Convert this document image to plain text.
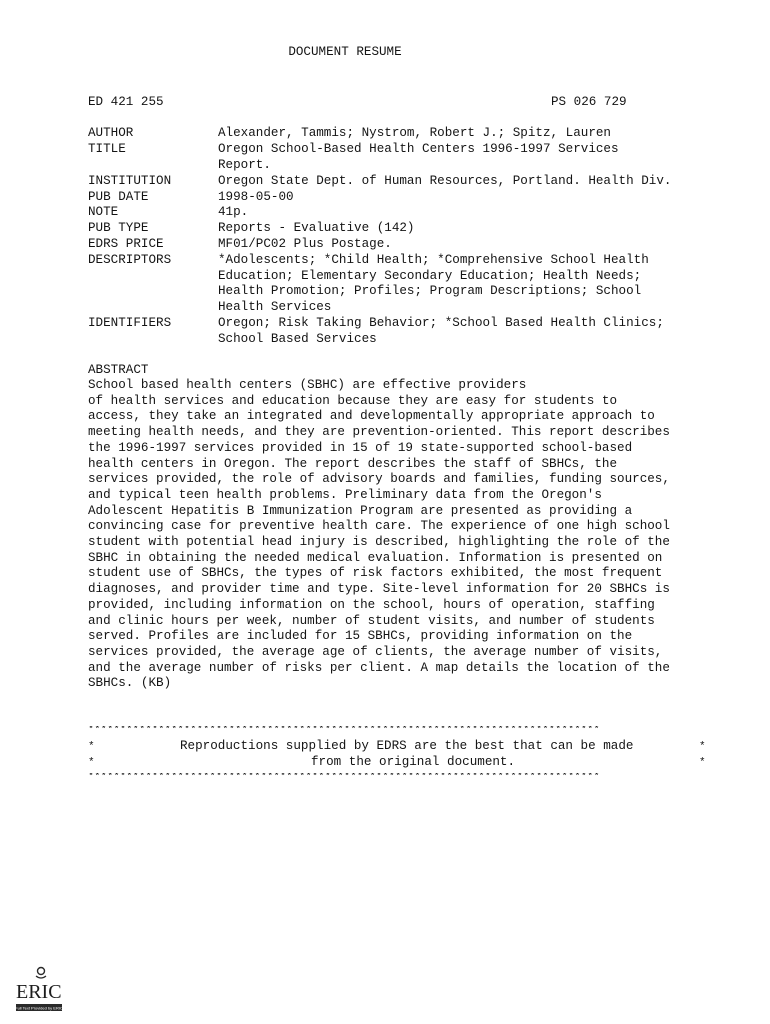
DOCUMENT RESUME
ED 421 255	PS 026 729
AUTHOR	Alexander, Tammis; Nystrom, Robert J.; Spitz, Lauren
TITLE	Oregon School-Based Health Centers 1996-1997 Services
Report.
INSTITUTION	Oregon State Dept. of Human Resources, Portland. Health Div.
PUB DATE	1998-05-00
NOTE	41p.
PUB TYPE	Reports - Evaluative (142)
EDRS PRICE	MF01/PC02 Plus Postage.
DESCRIPTORS	*Adolescents; *Child Health; *Comprehensive School Health
Education; Elementary Secondary Education; Health Needs;
Health Promotion; Profiles; Program Descriptions; School
Health Services
IDENTIFIERS	Oregon; Risk Taking Behavior; *School Based Health Clinics;
School Based Services
ABSTRACT
School based health centers (SBHC) are effective providers
of health services and education because they are easy for students to
access, they take an integrated and developmentally appropriate approach to
meeting health needs, and they are prevention-oriented. This report describes
the 1996-1997 services provided in 15 of 19 state-supported school-based
health centers in Oregon. The report describes the staff of SBHCs, the
services provided, the role of advisory boards and families, funding sources,
and typical teen health problems. Preliminary data from the Oregon's
Adolescent Hepatitis B Immunization Program are presented as providing a
convincing case for preventive health care. The experience of one high school
student with potential head injury is described, highlighting the role of the
SBHC in obtaining the needed medical evaluation. Information is presented on
student use of SBHCs, the types of risk factors exhibited, the most frequent
diagnoses, and provider time and type. Site-level information for 20 SBHCs is
provided, including information on the school, hours of operation, staffing
and clinic hours per week, number of student visits, and number of students
served. Profiles are included for 15 SBHCs, providing information on the
services provided, the average age of clients, the average number of visits,
and the average number of risks per client. A map details the location of the
SBHCs. (KB)
********************************************************************************
*	*
Reproductions supplied by EDRS are the best that can be made
*	*
from the original document.
********************************************************************************
ERIC
Full Text Provided by ERIC
